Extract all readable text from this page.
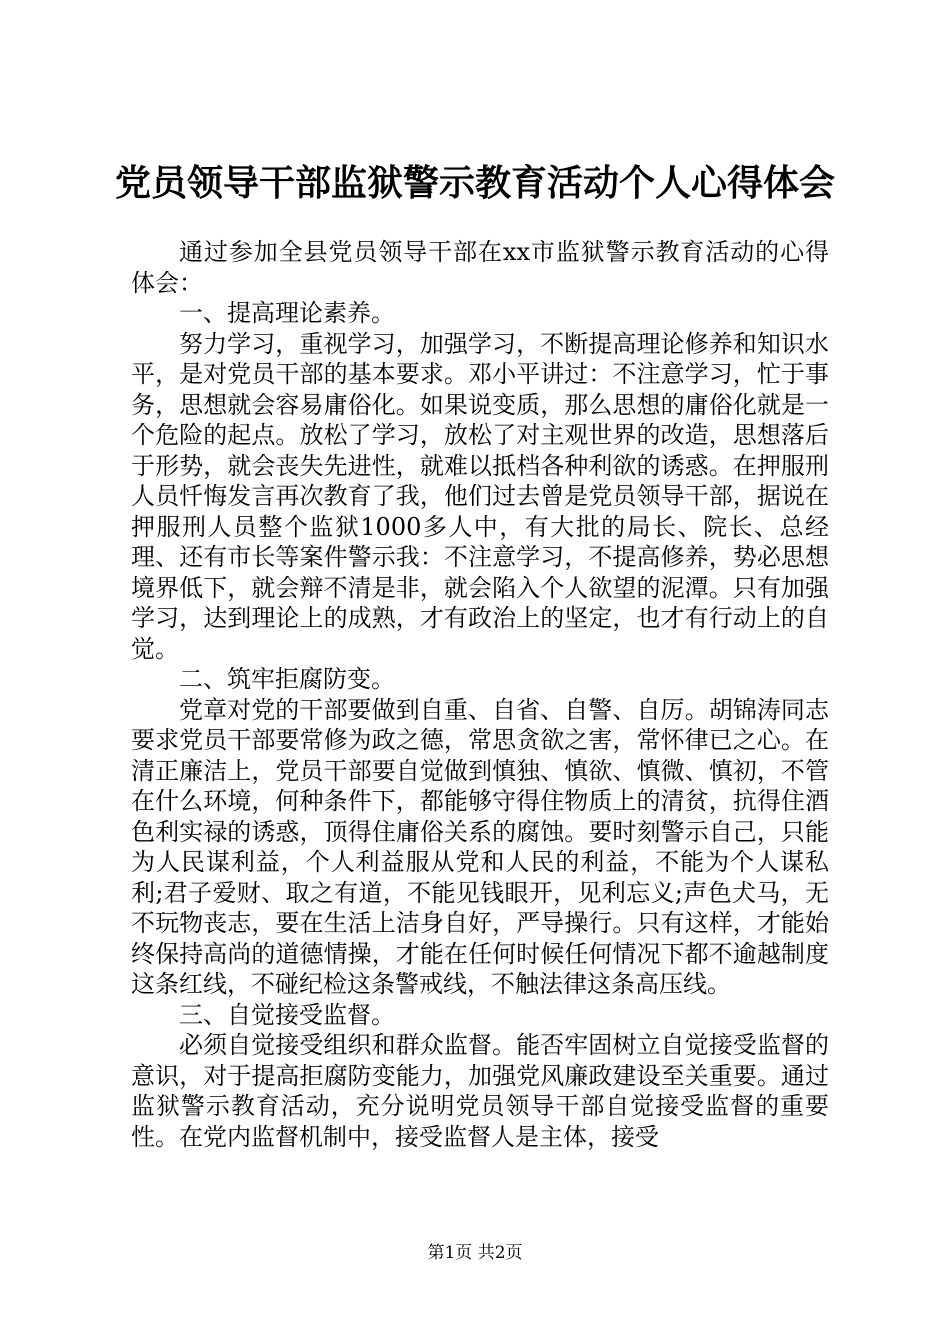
党员领导干部监狱警示教育活动个人心得体会

通过参加全县党员领导干部在xx市监狱警示教育活动的心得体会：

一、提高理论素养。

努力学习，重视学习，加强学习，不断提高理论修养和知识水平，是对党员干部的基本要求。邓小平讲过：不注意学习，忙于事务，思想就会容易庸俗化。如果说变质，那么思想的庸俗化就是一个危险的起点。放松了学习，放松了对主观世界的改造，思想落后于形势，就会丧失先进性，就难以抵档各种利欲的诱惑。在押服刑人员忏悔发言再次教育了我，他们过去曾是党员领导干部，据说在押服刑人员整个监狱1000多人中，有大批的局长、院长、总经理、还有市长等案件警示我：不注意学习，不提高修养，势必思想境界低下，就会辩不清是非，就会陷入个人欲望的泥潭。只有加强学习，达到理论上的成熟，才有政治上的坚定，也才有行动上的自觉。

二、筑牢拒腐防变。

党章对党的干部要做到自重、自省、自警、自厉。胡锦涛同志要求党员干部要常修为政之德，常思贪欲之害，常怀律已之心。在清正廉洁上，党员干部要自觉做到慎独、慎欲、慎微、慎初，不管在什么环境，何种条件下，都能够守得住物质上的清贫，抗得住酒色利实禄的诱惑，顶得住庸俗关系的腐蚀。要时刻警示自己，只能为人民谋利益，个人利益服从党和人民的利益，不能为个人谋私利;君子爱财、取之有道，不能见钱眼开，见利忘义;声色犬马，无不玩物丧志，要在生活上洁身自好，严导操行。只有这样，才能始终保持高尚的道德情操，才能在任何时候任何情况下都不逾越制度这条红线，不碰纪检这条警戒线，不触法律这条高压线。

三、自觉接受监督。

必须自觉接受组织和群众监督。能否牢固树立自觉接受监督的意识，对于提高拒腐防变能力，加强党风廉政建设至关重要。通过监狱警示教育活动，充分说明党员领导干部自觉接受监督的重要性。在党内监督机制中，接受监督人是主体，接受

第1页 共2页
